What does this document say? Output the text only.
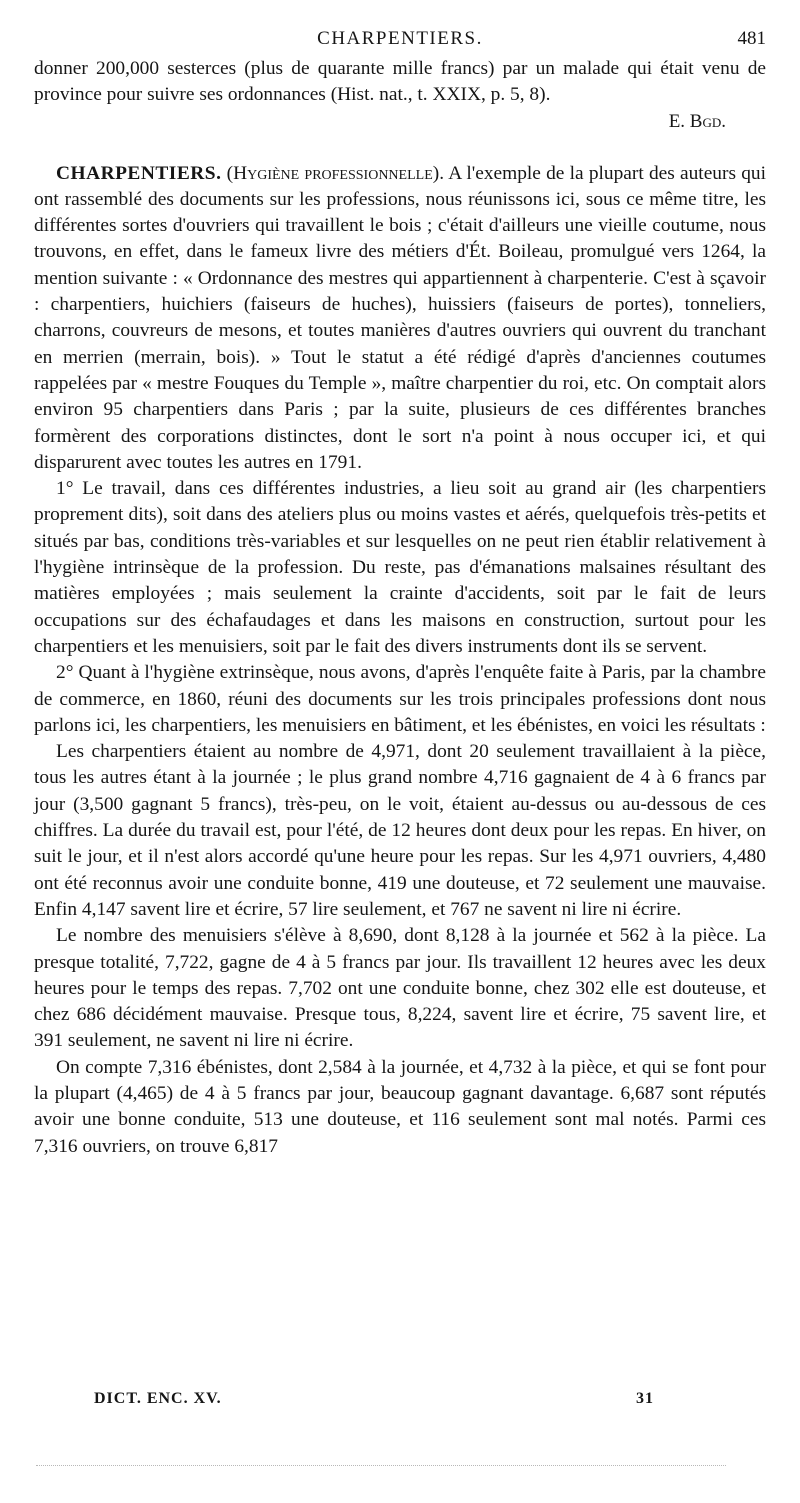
CHARPENTIERS.	481

donner 200,000 sesterces (plus de quarante mille francs) par un malade qui était venu de province pour suivre ses ordonnances (Hist. nat., t. XXIX, p. 5, 8).

E. Bgd.

CHARPENTIERS. (Hygiène professionnelle). A l'exemple de la plupart des auteurs qui ont rassemblé des documents sur les professions, nous réunissons ici, sous ce même titre, les différentes sortes d'ouvriers qui travaillent le bois ; c'était d'ailleurs une vieille coutume, nous trouvons, en effet, dans le fameux livre des métiers d'Ét. Boileau, promulgué vers 1264, la mention suivante : « Ordonnance des mestres qui appartiennent à charpenterie. C'est à sçavoir : charpentiers, huichiers (faiseurs de huches), huissiers (faiseurs de portes), tonneliers, charrons, couvreurs de mesons, et toutes manières d'autres ouvriers qui ouvrent du tranchant en merrien (merrain, bois). » Tout le statut a été rédigé d'après d'anciennes coutumes rappelées par « mestre Fouques du Temple », maître charpentier du roi, etc. On comptait alors environ 95 charpentiers dans Paris ; par la suite, plusieurs de ces différentes branches formèrent des corporations distinctes, dont le sort n'a point à nous occuper ici, et qui disparurent avec toutes les autres en 1791.

1° Le travail, dans ces différentes industries, a lieu soit au grand air (les charpentiers proprement dits), soit dans des ateliers plus ou moins vastes et aérés, quelquefois très-petits et situés par bas, conditions très-variables et sur lesquelles on ne peut rien établir relativement à l'hygiène intrinsèque de la profession. Du reste, pas d'émanations malsaines résultant des matières employées ; mais seulement la crainte d'accidents, soit par le fait de leurs occupations sur des échafaudages et dans les maisons en construction, surtout pour les charpentiers et les menuisiers, soit par le fait des divers instruments dont ils se servent.

2° Quant à l'hygiène extrinsèque, nous avons, d'après l'enquête faite à Paris, par la chambre de commerce, en 1860, réuni des documents sur les trois principales professions dont nous parlons ici, les charpentiers, les menuisiers en bâtiment, et les ébénistes, en voici les résultats :

Les charpentiers étaient au nombre de 4,971, dont 20 seulement travaillaient à la pièce, tous les autres étant à la journée ; le plus grand nombre 4,716 gagnaient de 4 à 6 francs par jour (3,500 gagnant 5 francs), très-peu, on le voit, étaient au-dessus ou au-dessous de ces chiffres. La durée du travail est, pour l'été, de 12 heures dont deux pour les repas. En hiver, on suit le jour, et il n'est alors accordé qu'une heure pour les repas. Sur les 4,971 ouvriers, 4,480 ont été reconnus avoir une conduite bonne, 419 une douteuse, et 72 seulement une mauvaise. Enfin 4,147 savent lire et écrire, 57 lire seulement, et 767 ne savent ni lire ni écrire.

Le nombre des menuisiers s'élève à 8,690, dont 8,128 à la journée et 562 à la pièce. La presque totalité, 7,722, gagne de 4 à 5 francs par jour. Ils travaillent 12 heures avec les deux heures pour le temps des repas. 7,702 ont une conduite bonne, chez 302 elle est douteuse, et chez 686 décidément mauvaise. Presque tous, 8,224, savent lire et écrire, 75 savent lire, et 391 seulement, ne savent ni lire ni écrire.

On compte 7,316 ébénistes, dont 2,584 à la journée, et 4,732 à la pièce, et qui se font pour la plupart (4,465) de 4 à 5 francs par jour, beaucoup gagnant davantage. 6,687 sont réputés avoir une bonne conduite, 513 une douteuse, et 116 seulement sont mal notés. Parmi ces 7,316 ouvriers, on trouve 6,817

DICT. ENC. XV.	31
